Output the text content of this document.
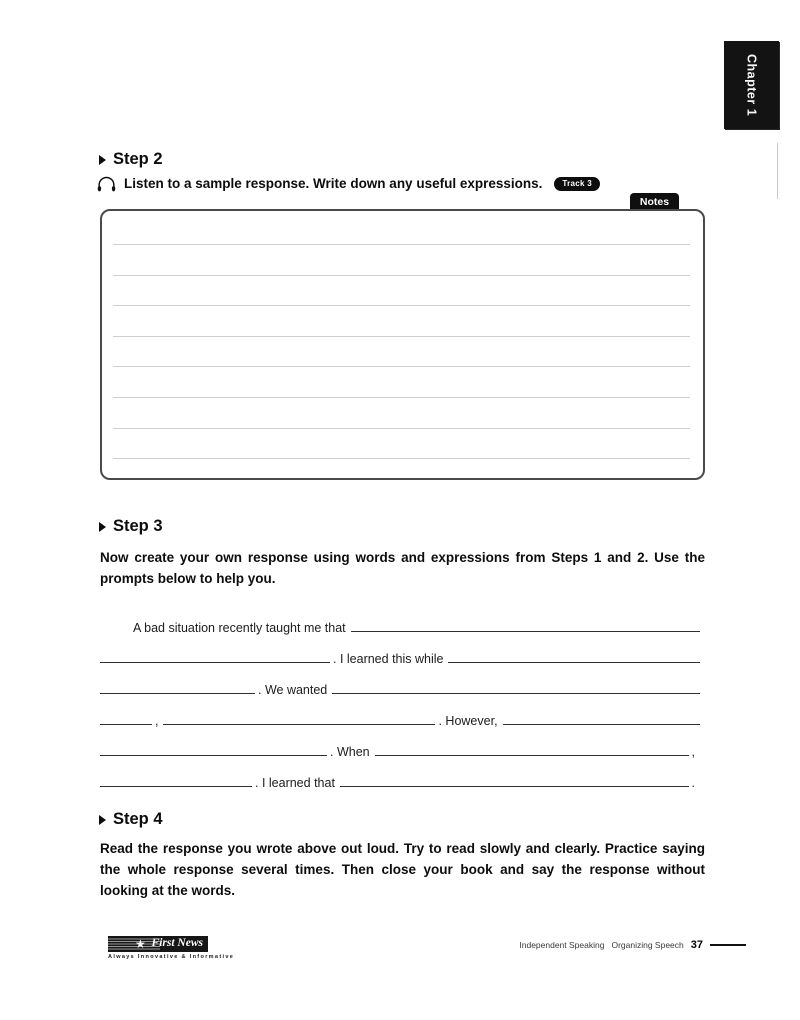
Chapter 1
Step 2
Listen to a sample response. Write down any useful expressions.	Track 3
Notes
Step 3
Now create your own response using words and expressions from Steps 1 and 2. Use the prompts below to help you.
A bad situation recently taught me that
. I learned this while
. We wanted
,	. However,
. When	,
. I learned that	.
Step 4
Read the response you wrote above out loud. Try to read slowly and clearly. Practice saying the whole response several times. Then close your book and say the response without looking at the words.
★ First News
Always Innovative & Informative
Independent Speaking Organizing Speech 37
